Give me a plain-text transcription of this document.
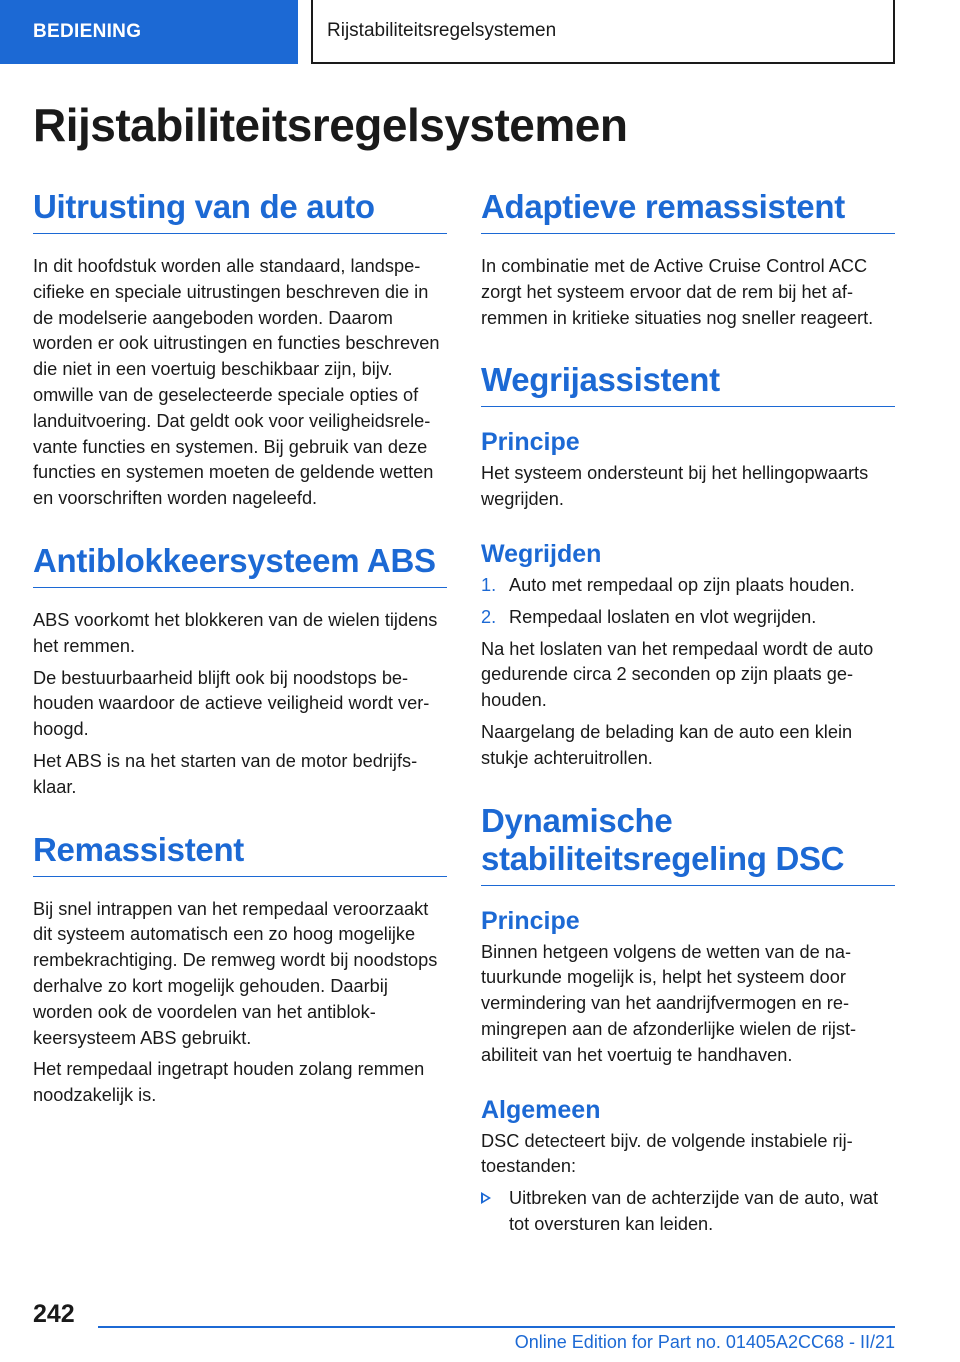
BEDIENING	Rijstabiliteitsregelsystemen
Rijstabiliteitsregelsystemen
Uitrusting van de auto

In dit hoofdstuk worden alle standaard, landspecifieke en speciale uitrustingen beschreven die in de modelserie aangeboden worden. Daarom worden er ook uitrustingen en functies beschreven die niet in een voertuig beschikbaar zijn, bijv. omwille van de geselecteerde speciale opties of landuitvoering. Dat geldt ook voor veiligheidsrelevante functies en systemen. Bij gebruik van deze functies en systemen moeten de geldende wetten en voorschriften worden nageleefd.

Antiblokkeersysteem ABS

ABS voorkomt het blokkeren van de wielen tijdens het remmen.

De bestuurbaarheid blijft ook bij noodstops behouden waardoor de actieve veiligheid wordt verhoogd.

Het ABS is na het starten van de motor bedrijfsklaar.

Remassistent

Bij snel intrappen van het rempedaal veroorzaakt dit systeem automatisch een zo hoog mogelijke rembekrachtiging. De remweg wordt bij noodstops derhalve zo kort mogelijk gehouden. Daarbij worden ook de voordelen van het antiblokkeersysteem ABS gebruikt.

Het rempedaal ingetrapt houden zolang remmen noodzakelijk is.

Adaptieve remassistent

In combinatie met de Active Cruise Control ACC zorgt het systeem ervoor dat de rem bij het afremmen in kritieke situaties nog sneller reageert.

Wegrijassistent
Principe

Het systeem ondersteunt bij het hellingopwaarts wegrijden.

Wegrijden
1. Auto met rempedaal op zijn plaats houden.
2. Rempedaal loslaten en vlot wegrijden.

Na het loslaten van het rempedaal wordt de auto gedurende circa 2 seconden op zijn plaats gehouden.

Naargelang de belading kan de auto een klein stukje achteruitrollen.

Dynamische stabiliteitsregeling DSC
Principe

Binnen hetgeen volgens de wetten van de natuurkunde mogelijk is, helpt het systeem door vermindering van het aandrijfvermogen en remingrepen aan de afzonderlijke wielen de rijstabiliteit van het voertuig te handhaven.

Algemeen

DSC detecteert bijv. de volgende instabiele rijtoestanden:

Uitbreken van de achterzijde van de auto, wat tot oversturen kan leiden.
242
Online Edition for Part no. 01405A2CC68 - II/21
